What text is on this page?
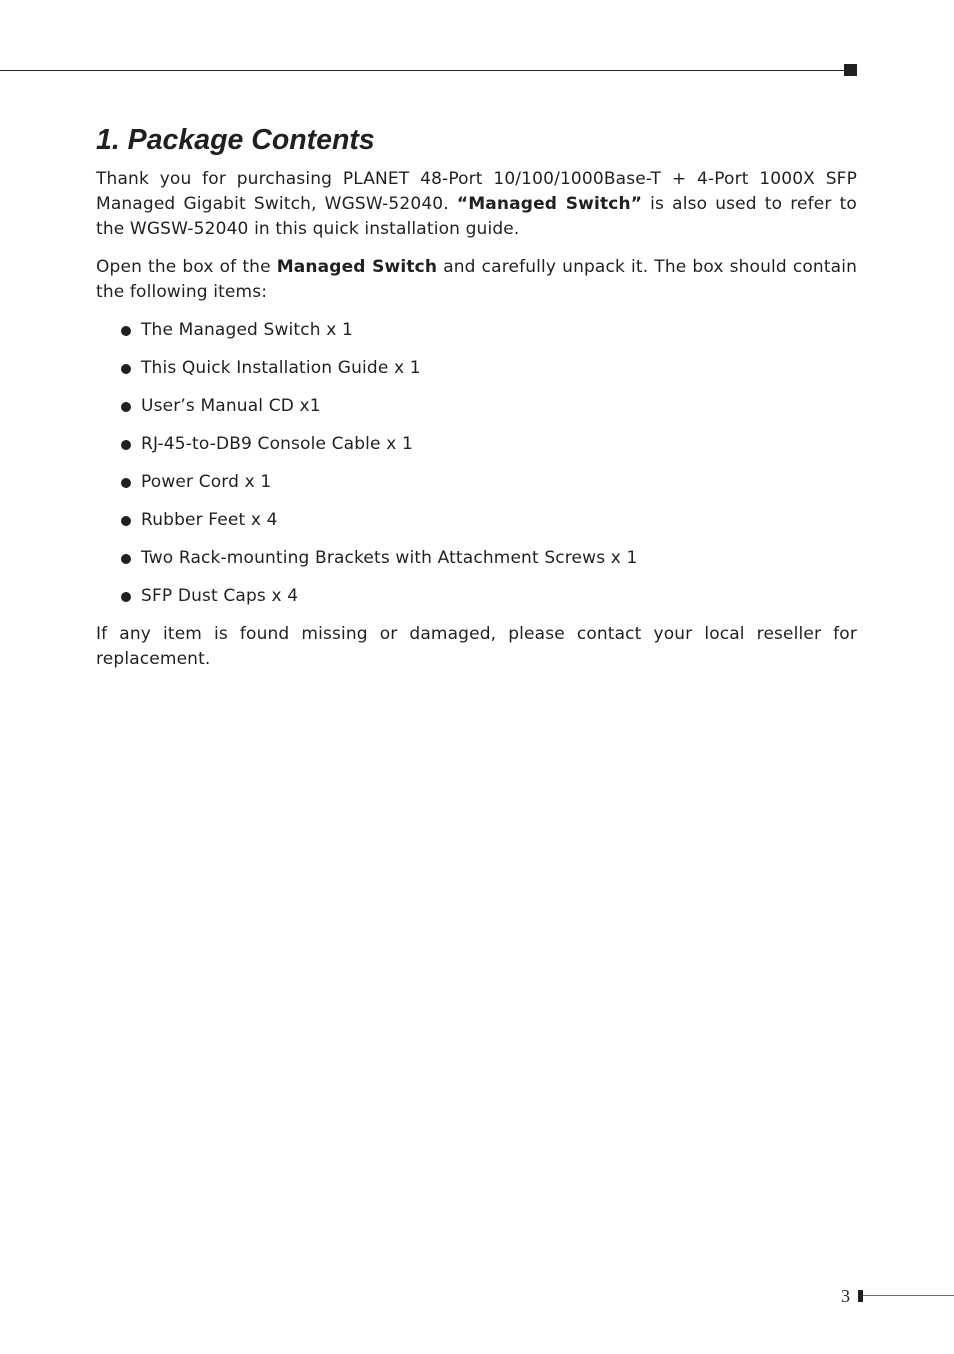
1. Package Contents

Thank you for purchasing PLANET 48-Port 10/100/1000Base-T + 4-Port 1000X SFP Managed Gigabit Switch, WGSW-52040. “Managed Switch” is also used to refer to the WGSW-52040 in this quick installation guide.

Open the box of the Managed Switch and carefully unpack it. The box should contain the following items:

The Managed Switch x 1
This Quick Installation Guide x 1
User’s Manual CD x1
RJ-45-to-DB9 Console Cable x 1
Power Cord x 1
Rubber Feet x 4
Two Rack-mounting Brackets with Attachment Screws x 1
SFP Dust Caps x 4

If any item is found missing or damaged, please contact your local reseller for replacement.

3
